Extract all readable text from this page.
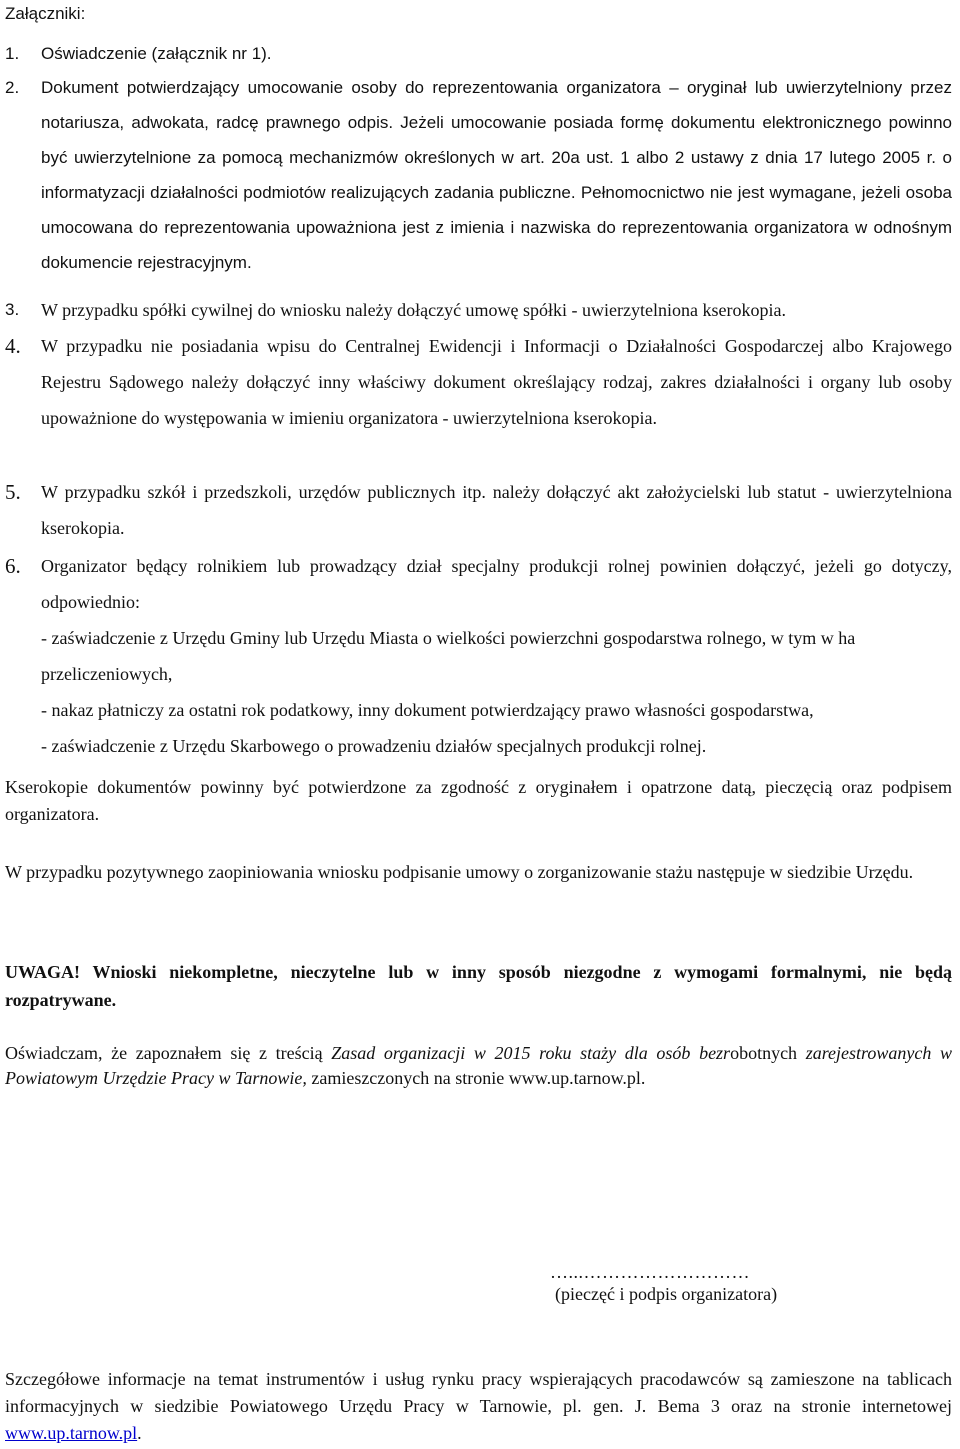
Załączniki:
1. Oświadczenie (załącznik nr 1).
2. Dokument potwierdzający umocowanie osoby do reprezentowania organizatora – oryginał lub uwierzytelniony przez notariusza, adwokata, radcę prawnego odpis. Jeżeli umocowanie posiada formę dokumentu elektronicznego powinno być uwierzytelnione za pomocą mechanizmów określonych w art. 20a ust. 1 albo 2 ustawy z dnia 17 lutego 2005 r. o informatyzacji działalności podmiotów realizujących zadania publiczne. Pełnomocnictwo nie jest wymagane, jeżeli osoba umocowana do reprezentowania upoważniona jest z imienia i nazwiska do reprezentowania organizatora w odnośnym dokumencie rejestracyjnym.
3. W przypadku spółki cywilnej do wniosku należy dołączyć umowę spółki - uwierzytelniona kserokopia.
4. W przypadku nie posiadania wpisu do Centralnej Ewidencji i Informacji o Działalności Gospodarczej albo Krajowego Rejestru Sądowego należy dołączyć inny właściwy dokument określający rodzaj, zakres działalności i organy lub osoby upoważnione do występowania w imieniu organizatora - uwierzytelniona kserokopia.
5. W przypadku szkół i przedszkoli, urzędów publicznych itp. należy dołączyć akt założycielski lub statut - uwierzytelniona kserokopia.
6. Organizator będący rolnikiem lub prowadzący dział specjalny produkcji rolnej powinien dołączyć, jeżeli go dotyczy, odpowiednio:
- zaświadczenie z Urzędu Gminy lub Urzędu Miasta o wielkości powierzchni gospodarstwa rolnego, w tym w ha przeliczeniowych,
- nakaz płatniczy za ostatni rok podatkowy, inny dokument potwierdzający prawo własności gospodarstwa,
- zaświadczenie z Urzędu Skarbowego o prowadzeniu działów specjalnych produkcji rolnej.
Kserokopie dokumentów powinny być potwierdzone za zgodność z oryginałem i opatrzone datą, pieczęcią oraz podpisem organizatora.
W przypadku pozytywnego zaopiniowania wniosku podpisanie umowy o zorganizowanie stażu następuje w siedzibie Urzędu.
UWAGA! Wnioski niekompletne, nieczytelne lub w inny sposób niezgodne z wymogami formalnymi, nie będą rozpatrywane.
Oświadczam, że zapoznałem się z treścią Zasad organizacji w 2015 roku staży dla osób bezrobotnych zarejestrowanych w Powiatowym Urzędzie Pracy w Tarnowie, zamieszczonych na stronie www.up.tarnow.pl.
…...………………………
(pieczęć i podpis organizatora)
Szczegółowe informacje na temat instrumentów i usług rynku pracy wspierających pracodawców są zamieszone na tablicach informacyjnych w siedzibie Powiatowego Urzędu Pracy w Tarnowie, pl. gen. J. Bema 3 oraz na stronie internetowej www.up.tarnow.pl.
